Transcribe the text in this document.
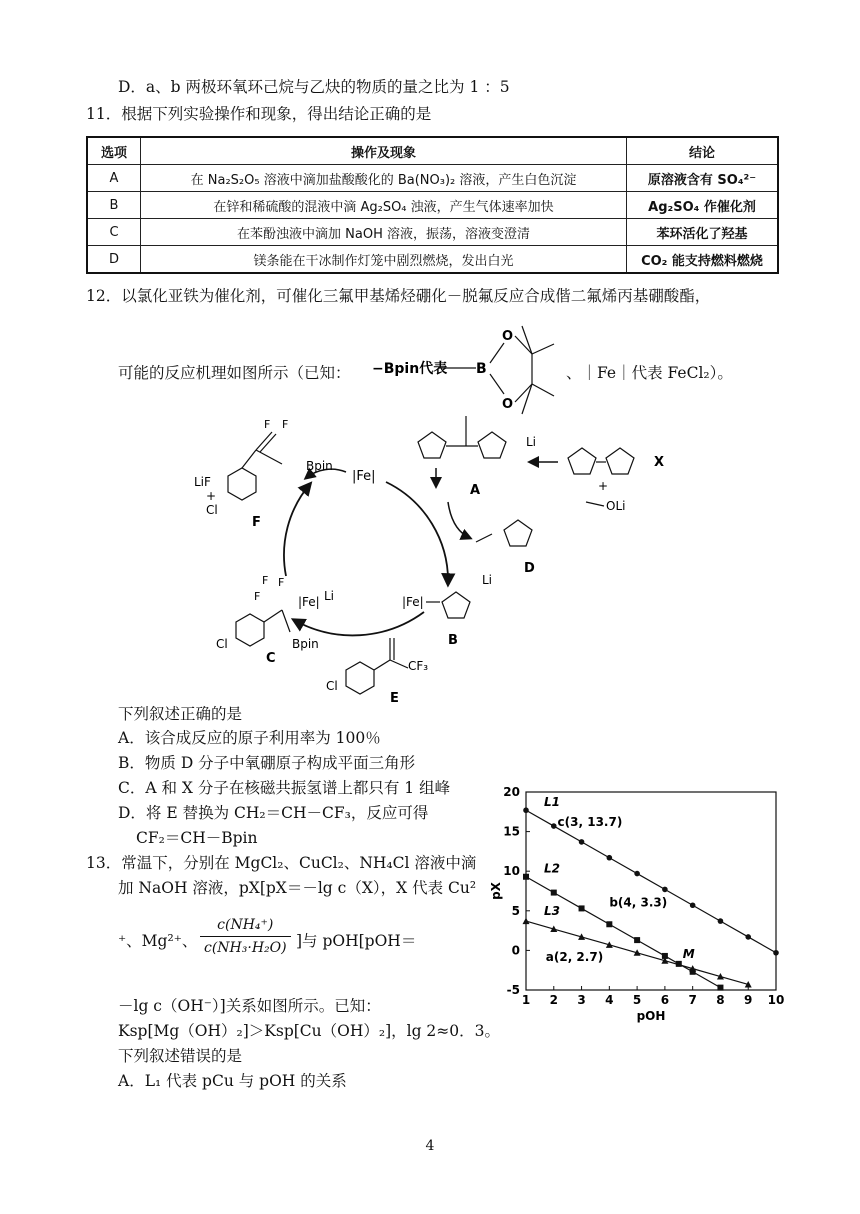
D．a、b 两极环氧环己烷与乙炔的物质的量之比为 1 ：5
11．根据下列实验操作和现象，得出结论正确的是
选项	操作及现象	结论
A	在 Na₂S₂O₅ 溶液中滴加盐酸酸化的 Ba(NO₃)₂ 溶液，产生白色沉淀	原溶液含有 SO₄²⁻
B	在锌和稀硫酸的混液中滴 Ag₂SO₄ 浊液，产生气体速率加快	Ag₂SO₄ 作催化剂
C	在苯酚浊液中滴加 NaOH 溶液，振荡，溶液变澄清	苯环活化了羟基
D	镁条能在干冰制作灯笼中剧烈燃烧，发出白光	CO₂ 能支持燃料燃烧
12．以氯化亚铁为催化剂，可催化三氟甲基烯烃硼化－脱氟反应合成偕二氟烯丙基硼酸酯，
可能的反应机理如图所示（已知： −Bpin代表 B
O
O
、｜Fe｜代表 FeCl₂）。
|Fe|
LiF
+
Cl
F F
Bpin
F
Li
A	+
OLi
X
D
|Fe|
Li
B
F F
F	|Fe| Li
Cl	Bpin
C
Cl
CF₃
E
下列叙述正确的是
A．该合成反应的原子利用率为 100％
B．物质 D 分子中氧硼原子构成平面三角形
C．A 和 X 分子在核磁共振氢谱上都只有 1 组峰
D．将 E 替换为 CH₂＝CH－CF₃，反应可得
CF₂＝CH－Bpin
13．常温下，分别在 MgCl₂、CuCl₂、NH₄Cl 溶液中滴
加 NaOH 溶液，pX[pX＝－lg c（X），X 代表 Cu²
⁺、Mg²⁺、 $\frac{\text{c(NH₄⁺)}}{\text{c(NH₃·H₂O)}}$ ]与 pOH[pOH＝
－lg c（OH⁻）]关系如图所示。已知：
Ksp[Mg（OH）₂]＞Ksp[Cu（OH）₂]，lg 2≈0．3。
下列叙述错误的是
A．L₁ 代表 pCu 与 pOH 的关系
1 2 3 4 5 6 7 8 9 10
-5
0
5
10
15
20
pOH
pX
L1
L2
L3
c(3, 13.7)
b(4, 3.3)
a(2, 2.7)	M
4
